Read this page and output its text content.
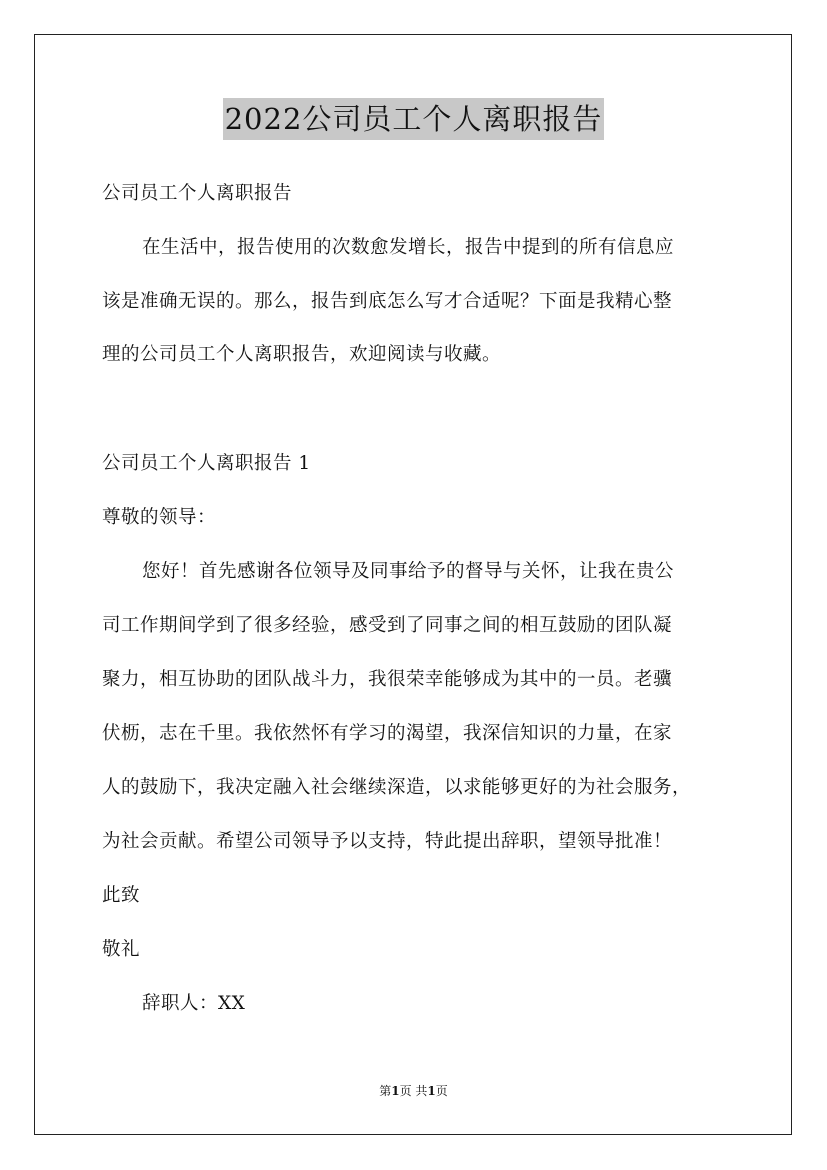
2022公司员工个人离职报告
公司员工个人离职报告
在生活中，报告使用的次数愈发增长，报告中提到的所有信息应
该是准确无误的。那么，报告到底怎么写才合适呢？下面是我精心整
理的公司员工个人离职报告，欢迎阅读与收藏。
公司员工个人离职报告 1
尊敬的领导：
您好！首先感谢各位领导及同事给予的督导与关怀，让我在贵公
司工作期间学到了很多经验，感受到了同事之间的相互鼓励的团队凝
聚力，相互协助的团队战斗力，我很荣幸能够成为其中的一员。老骥
伏枥，志在千里。我依然怀有学习的渴望，我深信知识的力量，在家
人的鼓励下，我决定融入社会继续深造，以求能够更好的为社会服务，
为社会贡献。希望公司领导予以支持，特此提出辞职，望领导批准！
此致
敬礼
辞职人：XX
第1页 共1页
